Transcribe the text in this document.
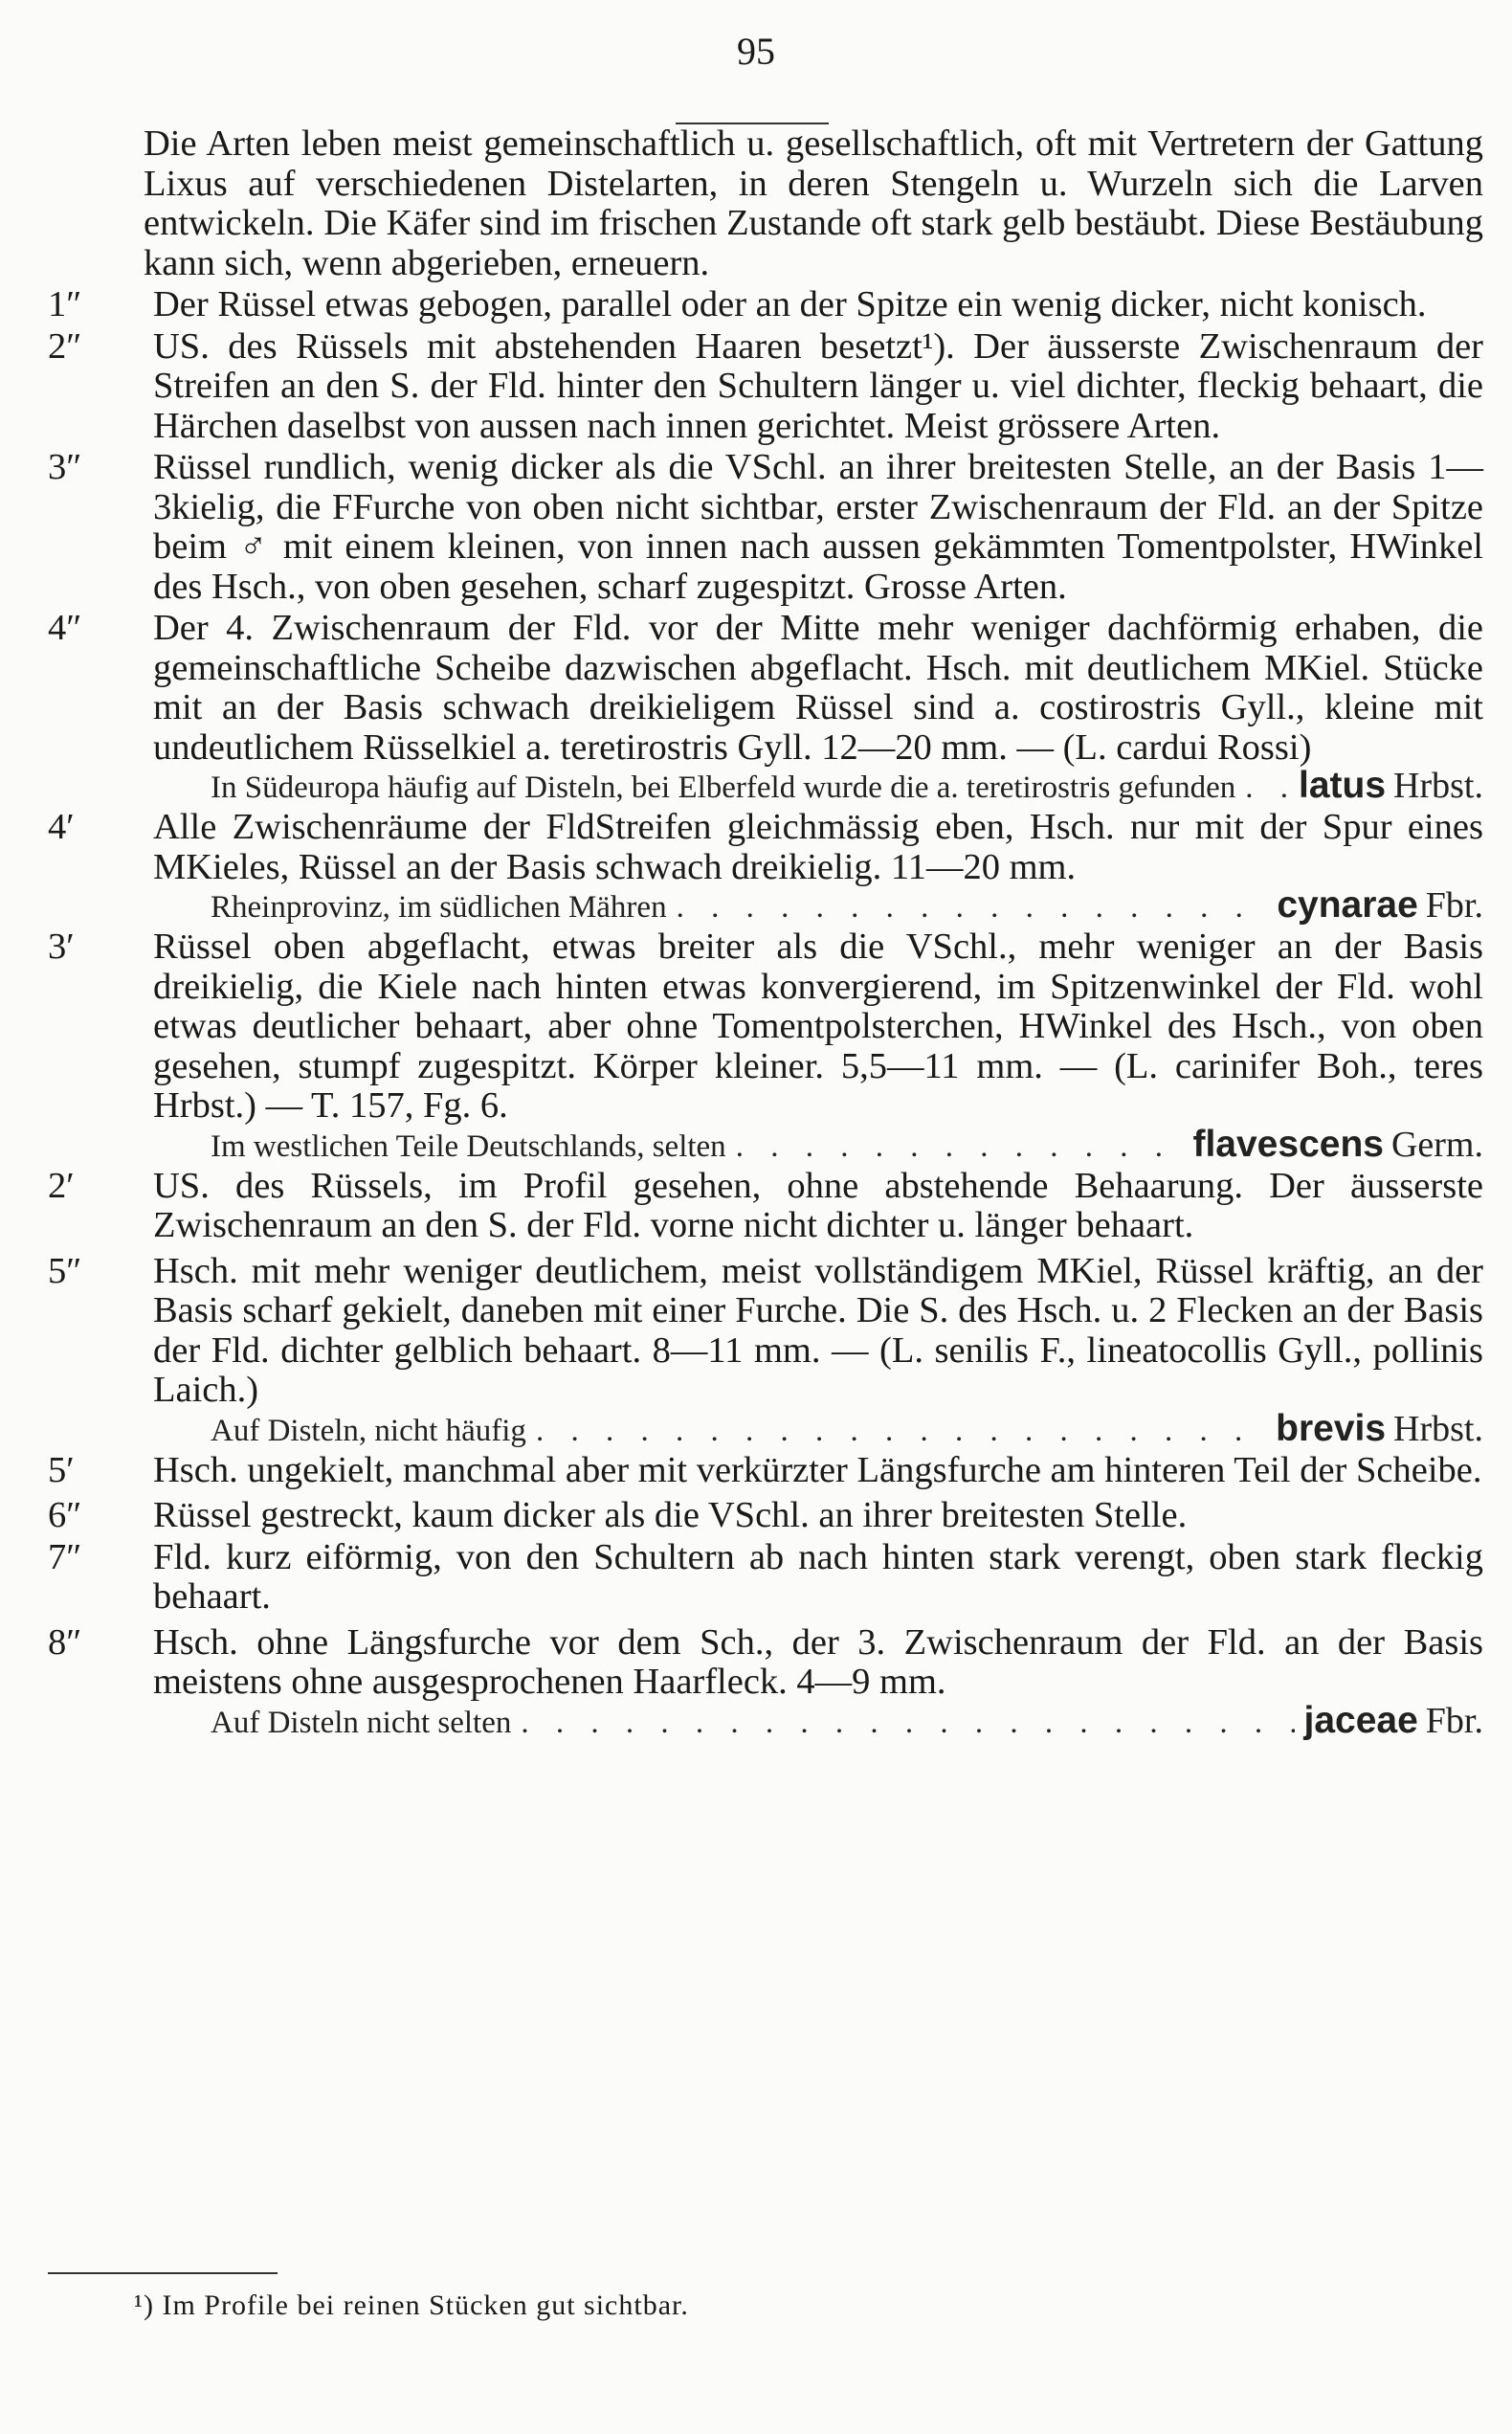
95

Die Arten leben meist gemeinschaftlich u. gesellschaftlich, oft mit Vertretern der Gattung Lixus auf verschiedenen Distelarten, in deren Stengeln u. Wurzeln sich die Larven entwickeln. Die Käfer sind im frischen Zustande oft stark gelb bestäubt. Diese Bestäubung kann sich, wenn abgerieben, erneuern.

1″	Der Rüssel etwas gebogen, parallel oder an der Spitze ein wenig dicker, nicht konisch.
2″	US. des Rüssels mit abstehenden Haaren besetzt¹). Der äusserste Zwischenraum der Streifen an den S. der Fld. hinter den Schultern länger u. viel dichter, fleckig behaart, die Härchen daselbst von aussen nach innen gerichtet. Meist grössere Arten.
3″	Rüssel rundlich, wenig dicker als die VSchl. an ihrer breitesten Stelle, an der Basis 1—3kielig, die FFurche von oben nicht sichtbar, erster Zwischenraum der Fld. an der Spitze beim ♂ mit einem kleinen, von innen nach aussen gekämmten Tomentpolster, HWinkel des Hsch., von oben gesehen, scharf zugespitzt. Grosse Arten.
4″	Der 4. Zwischenraum der Fld. vor der Mitte mehr weniger dachförmig erhaben, die gemeinschaftliche Scheibe dazwischen abgeflacht. Hsch. mit deutlichem MKiel. Stücke mit an der Basis schwach dreikieligem Rüssel sind a. costirostris Gyll., kleine mit undeutlichem Rüsselkiel a. teretirostris Gyll. 12—20 mm. — (L. cardui Rossi)
In Südeuropa häufig auf Disteln, bei Elberfeld wurde die a. teretirostris gefunden . . . latus Hrbst.
4′	Alle Zwischenräume der FldStreifen gleichmässig eben, Hsch. nur mit der Spur eines MKieles, Rüssel an der Basis schwach dreikielig. 11—20 mm.
Rheinprovinz, im südlichen Mähren . . .	cynarae Fbr.
3′	Rüssel oben abgeflacht, etwas breiter als die VSchl., mehr weniger an der Basis dreikielig, die Kiele nach hinten etwas konvergierend, im Spitzenwinkel der Fld. wohl etwas deutlicher behaart, aber ohne Tomentpolsterchen, HWinkel des Hsch., von oben gesehen, stumpf zugespitzt. Körper kleiner. 5,5—11 mm. — (L. carinifer Boh., teres Hrbst.) — T. 157, Fg. 6.
Im westlichen Teile Deutschlands, selten . . .	flavescens Germ.
2′	US. des Rüssels, im Profil gesehen, ohne abstehende Behaarung. Der äusserste Zwischenraum an den S. der Fld. vorne nicht dichter u. länger behaart.
5″	Hsch. mit mehr weniger deutlichem, meist vollständigem MKiel, Rüssel kräftig, an der Basis scharf gekielt, daneben mit einer Furche. Die S. des Hsch. u. 2 Flecken an der Basis der Fld. dichter gelblich behaart. 8—11 mm. — (L. senilis F., lineatocollis Gyll., pollinis Laich.)
Auf Disteln, nicht häufig . . .	brevis Hrbst.
5′	Hsch. ungekielt, manchmal aber mit verkürzter Längsfurche am hinteren Teil der Scheibe.
6″	Rüssel gestreckt, kaum dicker als die VSchl. an ihrer breitesten Stelle.
7″	Fld. kurz eiförmig, von den Schultern ab nach hinten stark verengt, oben stark fleckig behaart.
8″	Hsch. ohne Längsfurche vor dem Sch., der 3. Zwischenraum der Fld. an der Basis meistens ohne ausgesprochenen Haarfleck. 4—9 mm.
Auf Disteln nicht selten . . .	jaceae Fbr.
¹) Im Profile bei reinen Stücken gut sichtbar.
